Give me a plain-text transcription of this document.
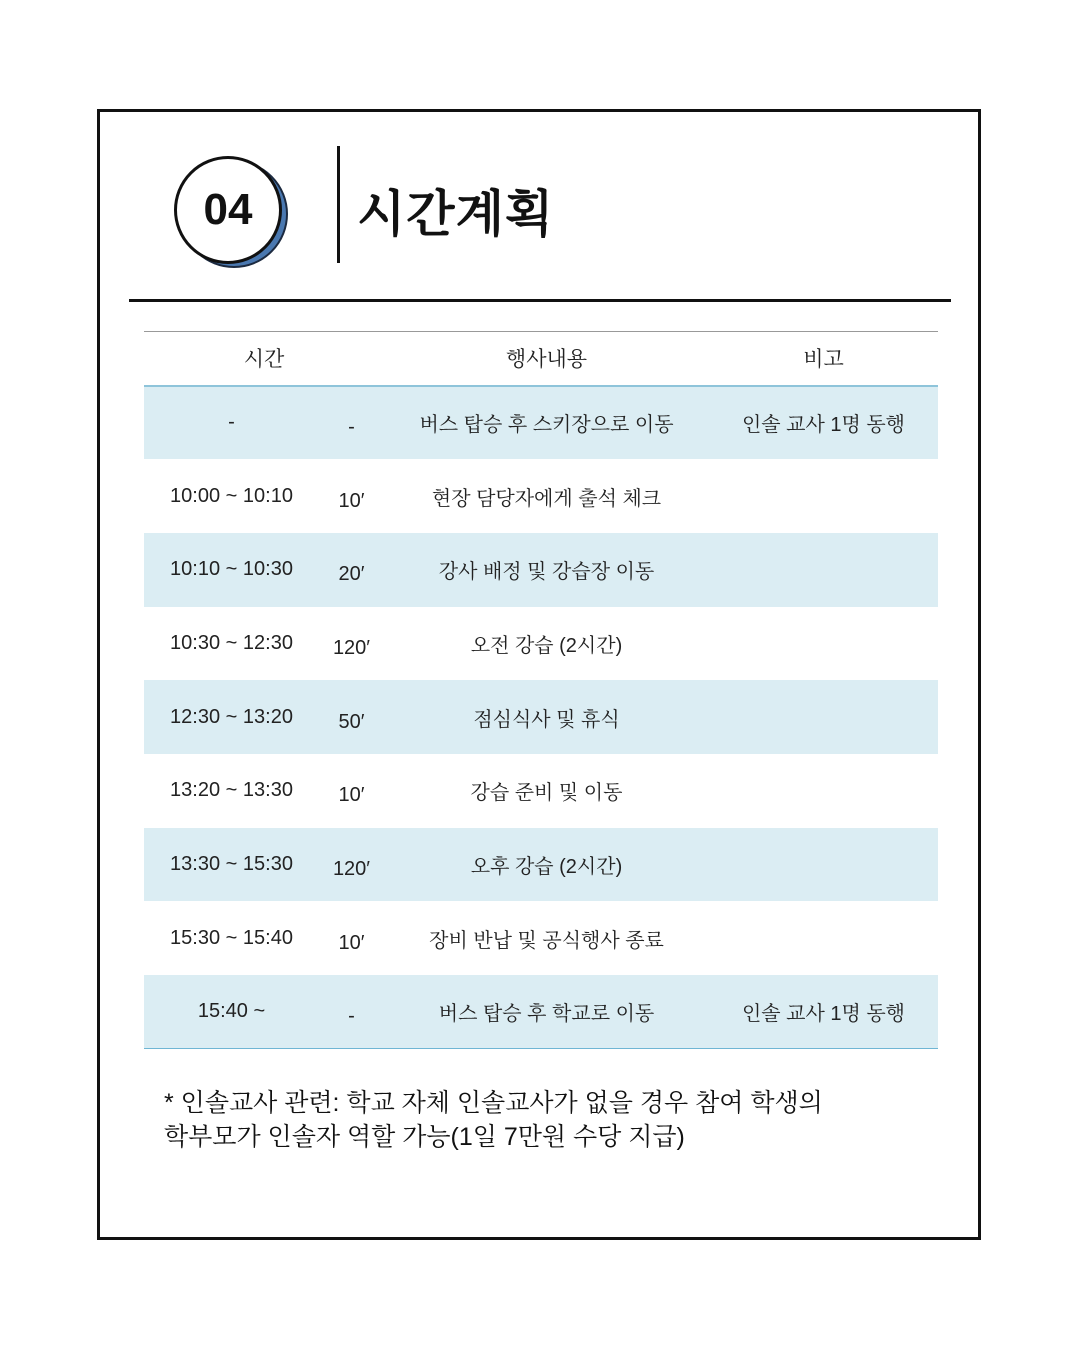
04	시간계획
시간		행사내용	비고
-	-	버스 탑승 후 스키장으로 이동	인솔 교사 1명 동행
10:00 ~ 10:10	10′	현장 담당자에게 출석 체크	
10:10 ~ 10:30	20′	강사 배정 및 강습장 이동	
10:30 ~ 12:30	120′	오전 강습 (2시간)	
12:30 ~ 13:20	50′	점심식사 및 휴식	
13:20 ~ 13:30	10′	강습 준비 및 이동	
13:30 ~ 15:30	120′	오후 강습 (2시간)	
15:30 ~ 15:40	10′	장비 반납 및 공식행사 종료	
15:40 ~	-	버스 탑승 후 학교로 이동	인솔 교사 1명 동행
* 인솔교사 관련: 학교 자체 인솔교사가 없을 경우 참여 학생의
학부모가 인솔자 역할 가능(1일 7만원 수당 지급)
